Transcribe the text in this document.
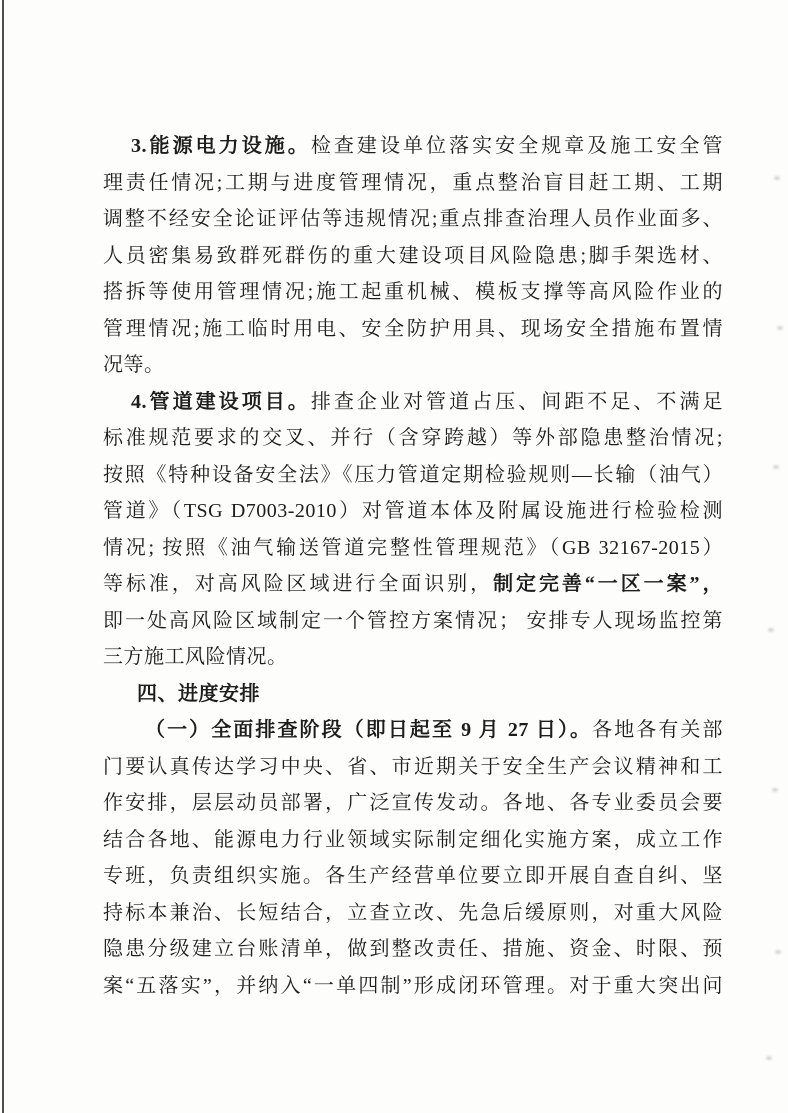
3.能源电力设施。检查建设单位落实安全规章及施工安全管
理责任情况;工期与进度管理情况，重点整治盲目赶工期、工期
调整不经安全论证评估等违规情况;重点排查治理人员作业面多、
人员密集易致群死群伤的重大建设项目风险隐患;脚手架选材、
搭拆等使用管理情况;施工起重机械、模板支撑等高风险作业的
管理情况;施工临时用电、安全防护用具、现场安全措施布置情
况等。
4.管道建设项目。排查企业对管道占压、间距不足、不满足
标准规范要求的交叉、并行（含穿跨越）等外部隐患整治情况;
按照《特种设备安全法》《压力管道定期检验规则—长输（油气）
管道》（TSG D7003-2010）对管道本体及附属设施进行检验检测
情况; 按照《油气输送管道完整性管理规范》（GB 32167-2015）
等标准，对高风险区域进行全面识别，制定完善“一区一案”，
即一处高风险区域制定一个管控方案情况； 安排专人现场监控第
三方施工风险情况。
四、进度安排
（一）全面排查阶段（即日起至 9 月 27 日）。各地各有关部
门要认真传达学习中央、省、市近期关于安全生产会议精神和工
作安排，层层动员部署，广泛宣传发动。各地、各专业委员会要
结合各地、能源电力行业领域实际制定细化实施方案，成立工作
专班，负责组织实施。各生产经营单位要立即开展自查自纠、坚
持标本兼治、长短结合，立查立改、先急后缓原则，对重大风险
隐患分级建立台账清单，做到整改责任、措施、资金、时限、预
案“五落实”，并纳入“一单四制”形成闭环管理。对于重大突出问
